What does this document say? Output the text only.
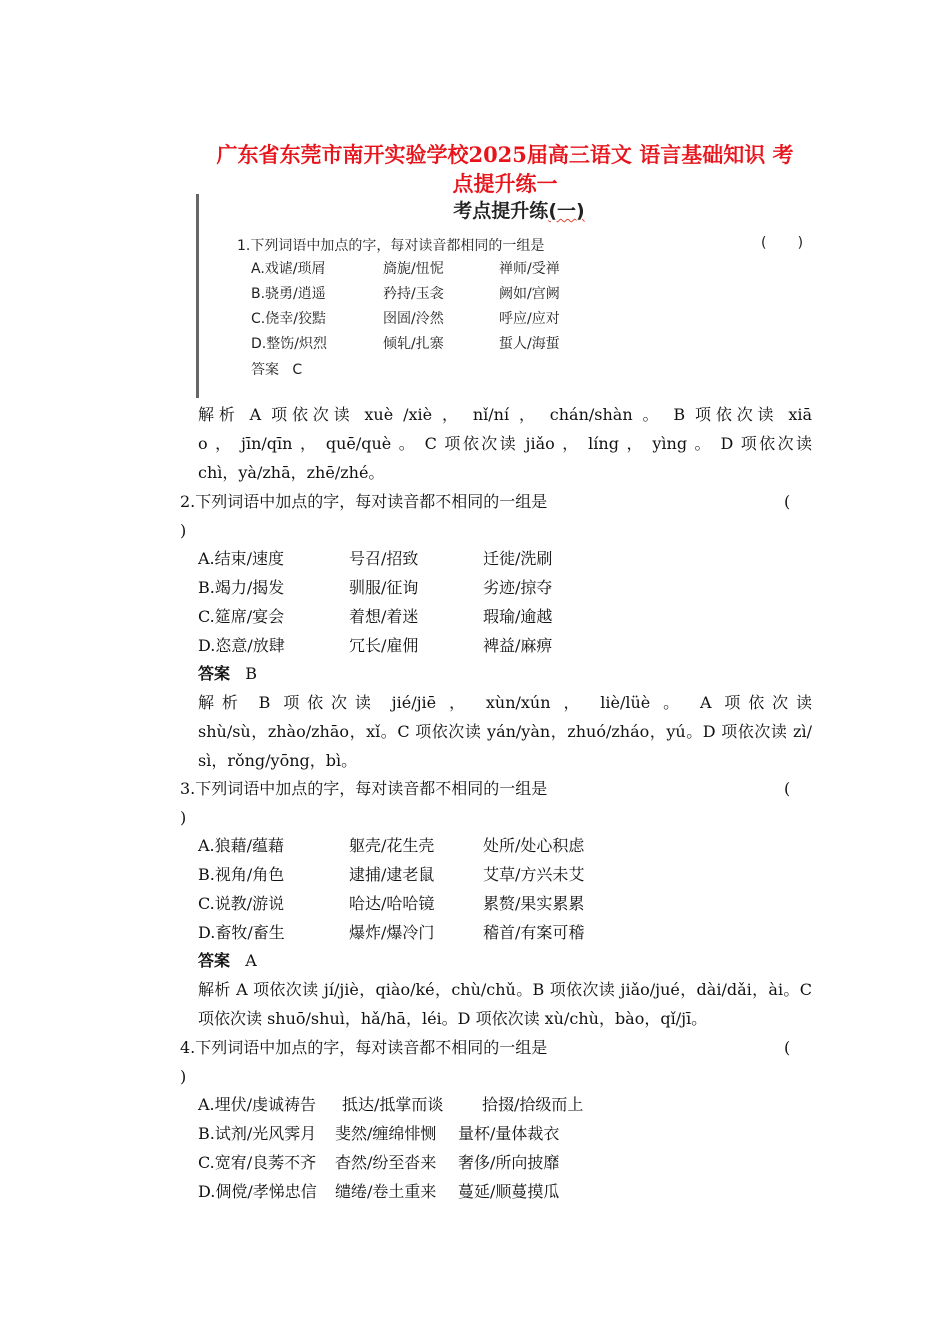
广东省东莞市南开实验学校2025届高三语文 语言基础知识 考
点提升练一
考点提升练(一)
1.下列词语中加点的字，每对读音都相同的一组是	(       )
A.戏谑/琐屑	旖旎/忸怩	禅师/受禅
B.骁勇/逍遥	矜持/玉衾	阙如/宫阙
C.侥幸/狡黠	囹圄/泠然	呼应/应对
D.整饬/炽烈	倾轧/扎寨	蜇人/海蜇
答案   C
解析 A 项依次读 xuè /xiè ， nǐ/ní ， chán/shàn 。 B 项依次读 xiā
o ， jīn/qīn ， quē/què 。 C 项依次读 jiǎo ， líng ， yìng 。 D 项依次读
chì，yà/zhā，zhē/zhé。
2.下列词语中加点的字，每对读音都不相同的一组是	(
)
A.结束/速度	号召/招致	迁徙/洗刷
B.竭力/揭发	驯服/征询	劣迹/掠夺
C.筵席/宴会	着想/着迷	瑕瑜/逾越
D.恣意/放肆	冗长/雇佣	裨益/麻痹
答案 B
解析 B 项依次读 jié/jiē ， xùn/xún ， liè/lüè 。 A 项依次读
shù/sù，zhào/zhāo，xǐ。C 项依次读 yán/yàn，zhuó/zháo，yú。D 项依次读 zì/
sì，rǒng/yōng，bì。
3.下列词语中加点的字，每对读音都不相同的一组是	(
)
A.狼藉/蕴藉	躯壳/花生壳	处所/处心积虑
B.视角/角色	逮捕/逮老鼠	艾草/方兴未艾
C.说教/游说	哈达/哈哈镜	累赘/果实累累
D.畜牧/畜生	爆炸/爆冷门	稽首/有案可稽
答案 A
解析 A 项依次读 jí/jiè，qiào/ké，chù/chǔ。B 项依次读 jiǎo/jué，dài/dǎi，ài。C
项依次读 shuō/shuì，hǎ/hā，léi。D 项依次读 xù/chù，bào，qǐ/jī。
4.下列词语中加点的字，每对读音都不相同的一组是	(
)
A.埋伏/虔诚祷告 抵达/抵掌而谈 拾掇/拾级而上
B.试剂/光风霁月 斐然/缠绵悱恻 量杯/量体裁衣
C.宽宥/良莠不齐 杳然/纷至沓来 奢侈/所向披靡
D.倜傥/孝悌忠信 缱绻/卷土重来 蔓延/顺蔓摸瓜
